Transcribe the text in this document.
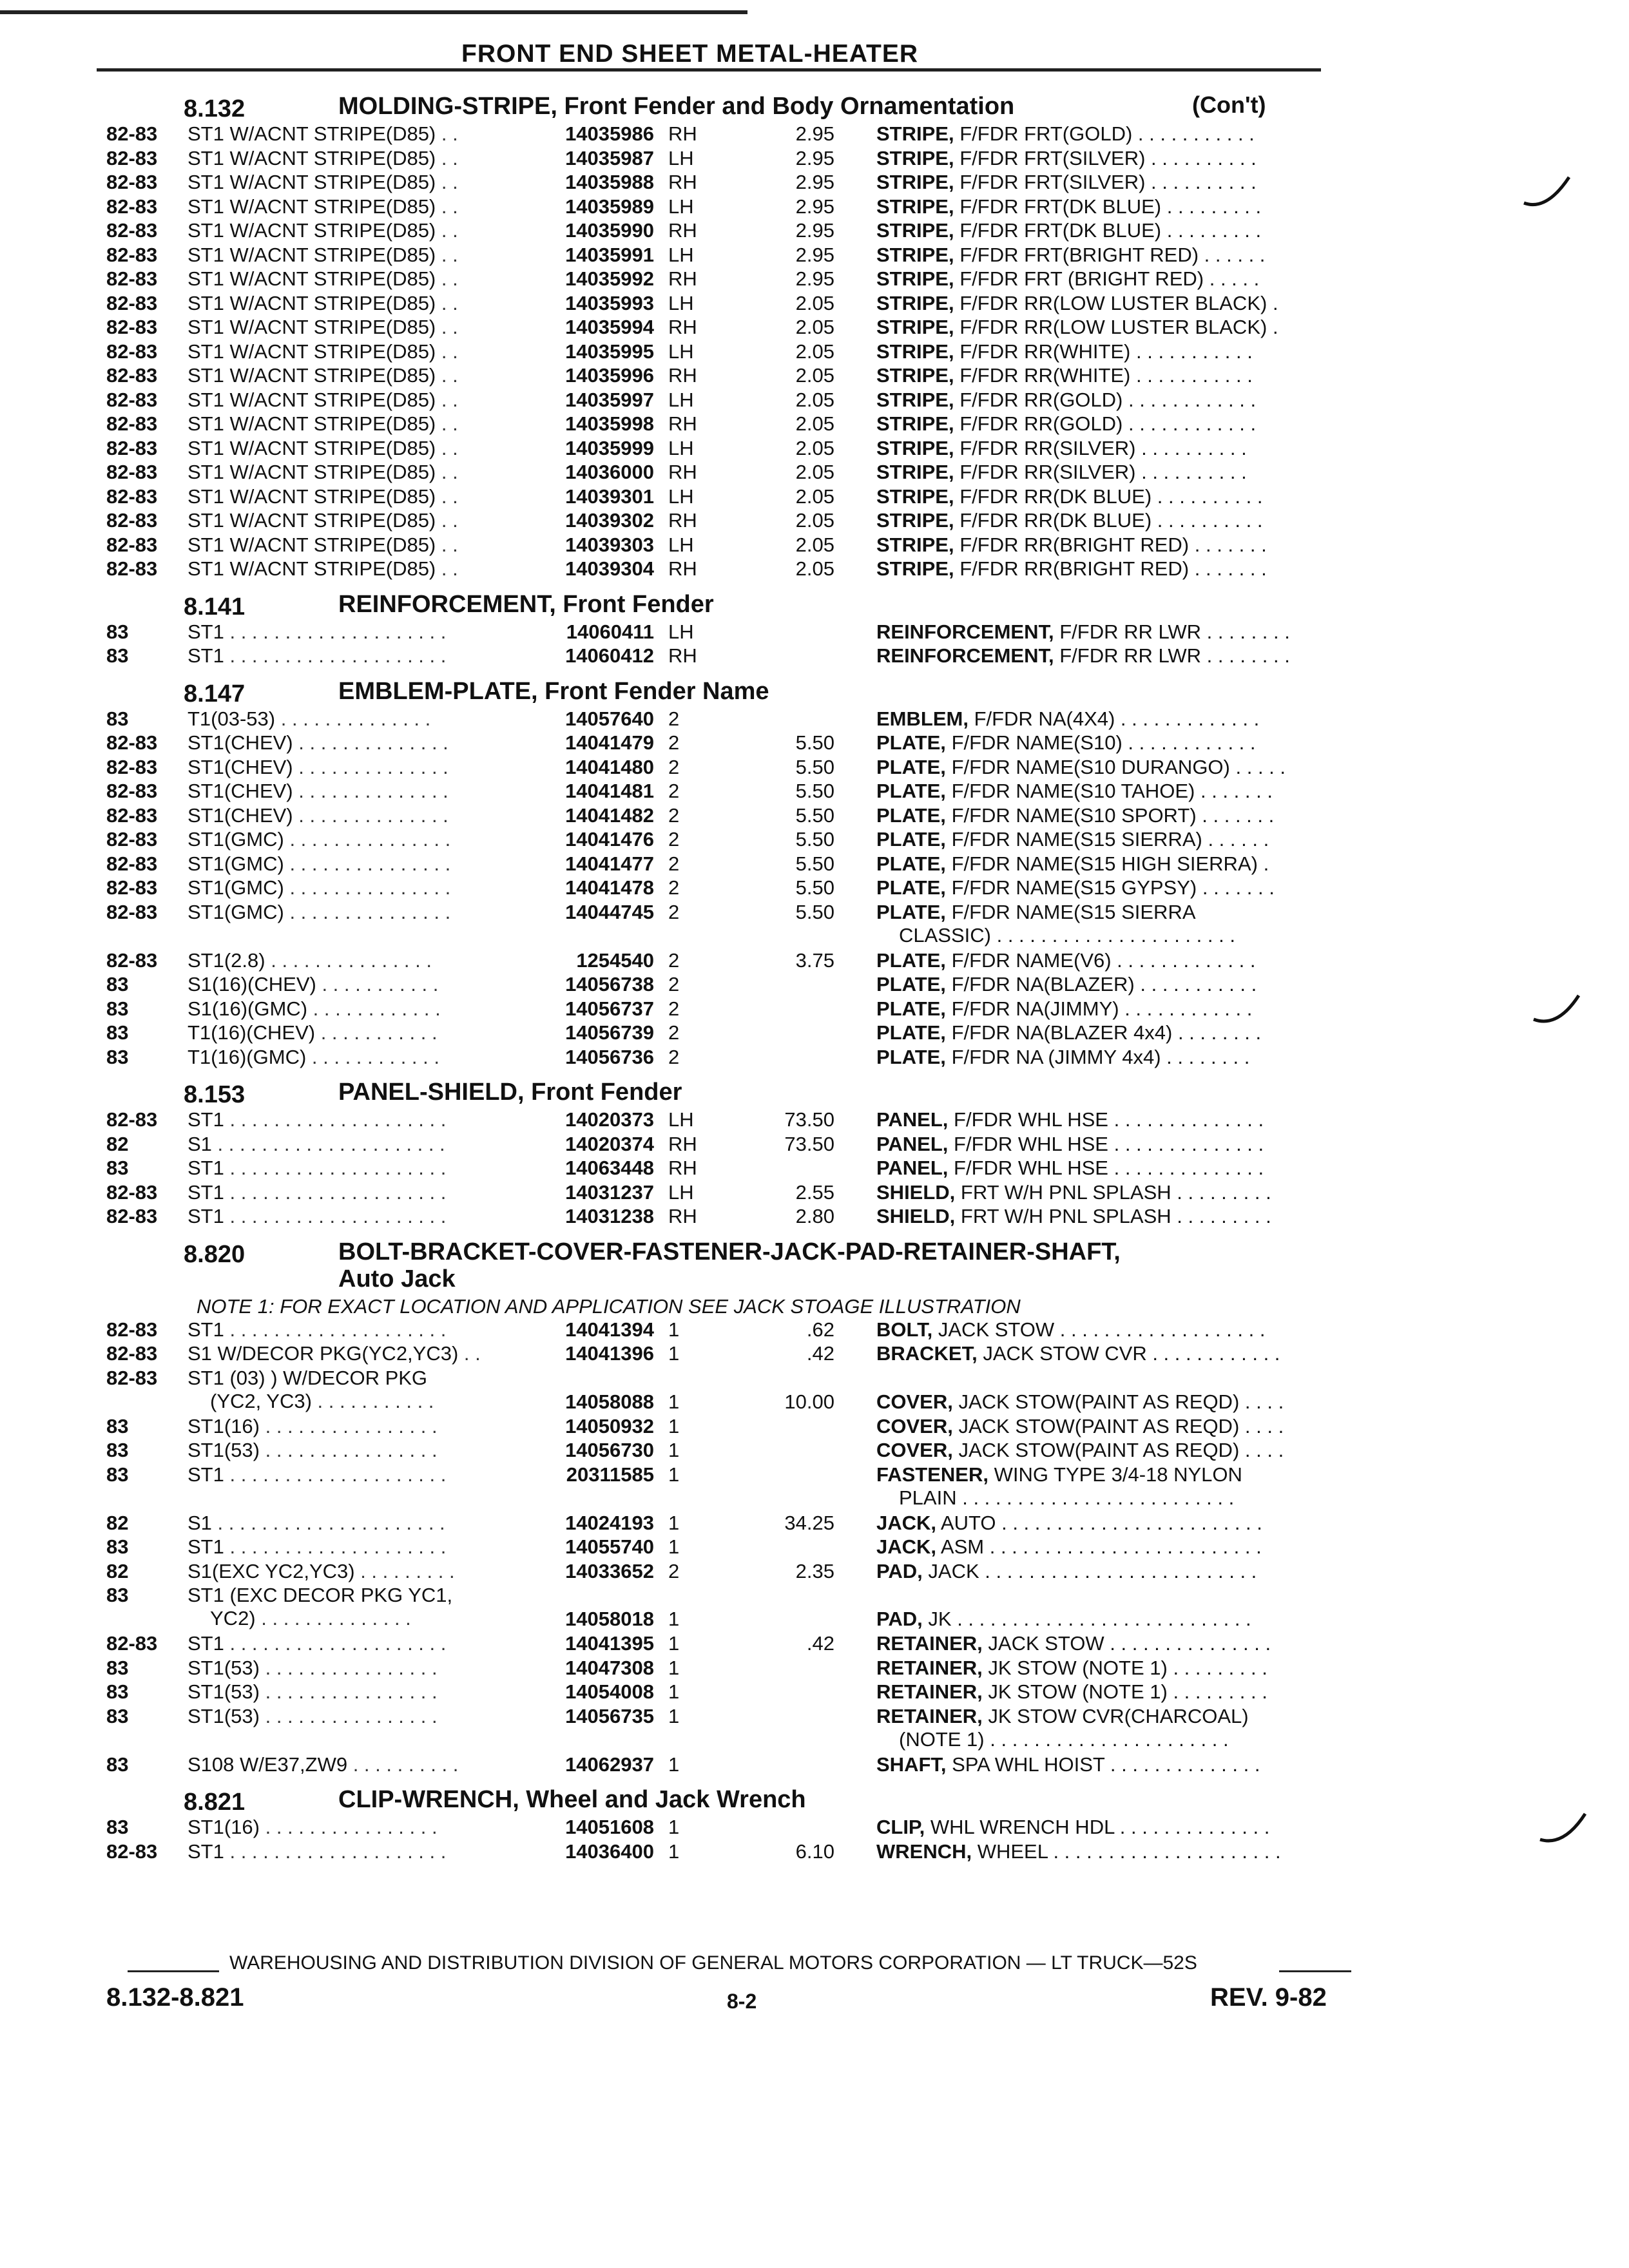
FRONT END SHEET METAL-HEATER
8.132	MOLDING-STRIPE, Front Fender and Body Ornamentation	(Con't)
82-83	ST1 W/ACNT STRIPE(D85) . .	14035986 RH	2.95 STRIPE, F/FDR FRT(GOLD) . . . . . . . . . . .
82-83	ST1 W/ACNT STRIPE(D85) . .	14035987 LH	2.95 STRIPE, F/FDR FRT(SILVER) . . . . . . . . . .
82-83	ST1 W/ACNT STRIPE(D85) . .	14035988 RH	2.95 STRIPE, F/FDR FRT(SILVER) . . . . . . . . . .
82-83	ST1 W/ACNT STRIPE(D85) . .	14035989 LH	2.95 STRIPE, F/FDR FRT(DK BLUE) . . . . . . . . .
82-83	ST1 W/ACNT STRIPE(D85) . .	14035990 RH	2.95 STRIPE, F/FDR FRT(DK BLUE) . . . . . . . . .
82-83	ST1 W/ACNT STRIPE(D85) . .	14035991 LH	2.95 STRIPE, F/FDR FRT(BRIGHT RED) . . . . . .
82-83	ST1 W/ACNT STRIPE(D85) . .	14035992 RH	2.95 STRIPE, F/FDR FRT (BRIGHT RED) . . . . .
82-83	ST1 W/ACNT STRIPE(D85) . .	14035993 LH	2.05 STRIPE, F/FDR RR(LOW LUSTER BLACK) .
82-83	ST1 W/ACNT STRIPE(D85) . .	14035994 RH	2.05 STRIPE, F/FDR RR(LOW LUSTER BLACK) .
82-83	ST1 W/ACNT STRIPE(D85) . .	14035995 LH	2.05 STRIPE, F/FDR RR(WHITE) . . . . . . . . . . .
82-83	ST1 W/ACNT STRIPE(D85) . .	14035996 RH	2.05 STRIPE, F/FDR RR(WHITE) . . . . . . . . . . .
82-83	ST1 W/ACNT STRIPE(D85) . .	14035997 LH	2.05 STRIPE, F/FDR RR(GOLD) . . . . . . . . . . . .
82-83	ST1 W/ACNT STRIPE(D85) . .	14035998 RH	2.05 STRIPE, F/FDR RR(GOLD) . . . . . . . . . . . .
82-83	ST1 W/ACNT STRIPE(D85) . .	14035999 LH	2.05 STRIPE, F/FDR RR(SILVER) . . . . . . . . . .
82-83	ST1 W/ACNT STRIPE(D85) . .	14036000 RH	2.05 STRIPE, F/FDR RR(SILVER) . . . . . . . . . .
82-83	ST1 W/ACNT STRIPE(D85) . .	14039301 LH	2.05 STRIPE, F/FDR RR(DK BLUE) . . . . . . . . . .
82-83	ST1 W/ACNT STRIPE(D85) . .	14039302 RH	2.05 STRIPE, F/FDR RR(DK BLUE) . . . . . . . . . .
82-83	ST1 W/ACNT STRIPE(D85) . .	14039303 LH	2.05 STRIPE, F/FDR RR(BRIGHT RED) . . . . . . .
82-83	ST1 W/ACNT STRIPE(D85) . .	14039304 RH	2.05 STRIPE, F/FDR RR(BRIGHT RED) . . . . . . .
8.141	REINFORCEMENT, Front Fender
83	ST1 . . . . . . . . . . . . . . . . . . . .	14060411 LH	REINFORCEMENT, F/FDR RR LWR . . . . . . . .
83	ST1 . . . . . . . . . . . . . . . . . . . .	14060412 RH	REINFORCEMENT, F/FDR RR LWR . . . . . . . .
8.147	EMBLEM-PLATE, Front Fender Name
83	T1(03-53) . . . . . . . . . . . . . .	14057640 2	EMBLEM, F/FDR NA(4X4) . . . . . . . . . . . . .
82-83	ST1(CHEV) . . . . . . . . . . . . . .	14041479 2	5.50 PLATE, F/FDR NAME(S10) . . . . . . . . . . . .
82-83	ST1(CHEV) . . . . . . . . . . . . . .	14041480 2	5.50 PLATE, F/FDR NAME(S10 DURANGO) . . . . .
82-83	ST1(CHEV) . . . . . . . . . . . . . .	14041481 2	5.50 PLATE, F/FDR NAME(S10 TAHOE) . . . . . . .
82-83	ST1(CHEV) . . . . . . . . . . . . . .	14041482 2	5.50 PLATE, F/FDR NAME(S10 SPORT) . . . . . . .
82-83	ST1(GMC) . . . . . . . . . . . . . . .	14041476 2	5.50 PLATE, F/FDR NAME(S15 SIERRA) . . . . . .
82-83	ST1(GMC) . . . . . . . . . . . . . . .	14041477 2	5.50 PLATE, F/FDR NAME(S15 HIGH SIERRA) .
82-83	ST1(GMC) . . . . . . . . . . . . . . .	14041478 2	5.50 PLATE, F/FDR NAME(S15 GYPSY) . . . . . . .
82-83	ST1(GMC) . . . . . . . . . . . . . . .	14044745 2	5.50 PLATE, F/FDR NAME(S15 SIERRA
CLASSIC) . . . . . . . . . . . . . . . . . . . . . .
82-83	ST1(2.8) . . . . . . . . . . . . . . .	1254540 2	3.75 PLATE, F/FDR NAME(V6) . . . . . . . . . . . . .
83	S1(16)(CHEV) . . . . . . . . . . .	14056738 2	PLATE, F/FDR NA(BLAZER) . . . . . . . . . . .
83	S1(16)(GMC) . . . . . . . . . . . .	14056737 2	PLATE, F/FDR NA(JIMMY) . . . . . . . . . . . .
83	T1(16)(CHEV) . . . . . . . . . . .	14056739 2	PLATE, F/FDR NA(BLAZER 4x4) . . . . . . . .
83	T1(16)(GMC) . . . . . . . . . . . .	14056736 2	PLATE, F/FDR NA (JIMMY 4x4) . . . . . . . .
8.153	PANEL-SHIELD, Front Fender
82-83	ST1 . . . . . . . . . . . . . . . . . . . .	14020373 LH	73.50 PANEL, F/FDR WHL HSE . . . . . . . . . . . . . .
82	S1 . . . . . . . . . . . . . . . . . . . . .	14020374 RH	73.50 PANEL, F/FDR WHL HSE . . . . . . . . . . . . . .
83	ST1 . . . . . . . . . . . . . . . . . . . .	14063448 RH	PANEL, F/FDR WHL HSE . . . . . . . . . . . . . .
82-83	ST1 . . . . . . . . . . . . . . . . . . . .	14031237 LH	2.55 SHIELD, FRT W/H PNL SPLASH . . . . . . . . .
82-83	ST1 . . . . . . . . . . . . . . . . . . . .	14031238 RH	2.80 SHIELD, FRT W/H PNL SPLASH . . . . . . . . .
8.820	BOLT-BRACKET-COVER-FASTENER-JACK-PAD-RETAINER-SHAFT,
Auto Jack
NOTE 1: FOR EXACT LOCATION AND APPLICATION SEE JACK STOAGE ILLUSTRATION
82-83	ST1 . . . . . . . . . . . . . . . . . . . .	14041394 1	.62 BOLT, JACK STOW . . . . . . . . . . . . . . . . . . .
82-83	S1 W/DECOR PKG(YC2,YC3) . .	14041396 1	.42 BRACKET, JACK STOW CVR . . . . . . . . . . . .
82-83	ST1 (03) ) W/DECOR PKG
(YC2, YC3) . . . . . . . . . . .	14058088 1	10.00 COVER, JACK STOW(PAINT AS REQD) . . . .
83	ST1(16) . . . . . . . . . . . . . . . .	14050932 1	COVER, JACK STOW(PAINT AS REQD) . . . .
83	ST1(53) . . . . . . . . . . . . . . . .	14056730 1	COVER, JACK STOW(PAINT AS REQD) . . . .
83	ST1 . . . . . . . . . . . . . . . . . . . .	20311585 1	FASTENER, WING TYPE 3/4-18 NYLON
PLAIN . . . . . . . . . . . . . . . . . . . . . . . . .
82	S1 . . . . . . . . . . . . . . . . . . . . .	14024193 1	34.25 JACK, AUTO . . . . . . . . . . . . . . . . . . . . . . . .
83	ST1 . . . . . . . . . . . . . . . . . . . .	14055740 1	JACK, ASM . . . . . . . . . . . . . . . . . . . . . . . . .
82	S1(EXC YC2,YC3) . . . . . . . . .	14033652 2	2.35 PAD, JACK . . . . . . . . . . . . . . . . . . . . . . . . .
83	ST1 (EXC DECOR PKG YC1,
YC2) . . . . . . . . . . . . . .	14058018 1	PAD, JK . . . . . . . . . . . . . . . . . . . . . . . . . . .
82-83	ST1 . . . . . . . . . . . . . . . . . . . .	14041395 1	.42 RETAINER, JACK STOW . . . . . . . . . . . . . . .
83	ST1(53) . . . . . . . . . . . . . . . .	14047308 1	RETAINER, JK STOW (NOTE 1) . . . . . . . . .
83	ST1(53) . . . . . . . . . . . . . . . .	14054008 1	RETAINER, JK STOW (NOTE 1) . . . . . . . . .
83	ST1(53) . . . . . . . . . . . . . . . .	14056735 1	RETAINER, JK STOW CVR(CHARCOAL)
(NOTE 1) . . . . . . . . . . . . . . . . . . . . . .
83	S108 W/E37,ZW9 . . . . . . . . . .	14062937 1	SHAFT, SPA WHL HOIST . . . . . . . . . . . . . .
8.821	CLIP-WRENCH, Wheel and Jack Wrench
83	ST1(16) . . . . . . . . . . . . . . . .	14051608 1	CLIP, WHL WRENCH HDL . . . . . . . . . . . . . .
82-83	ST1 . . . . . . . . . . . . . . . . . . . .	14036400 1	6.10 WRENCH, WHEEL . . . . . . . . . . . . . . . . . . . . .
WAREHOUSING AND DISTRIBUTION DIVISION OF GENERAL MOTORS CORPORATION — LT TRUCK—52S
8.132-8.821	8-2	REV. 9-82
